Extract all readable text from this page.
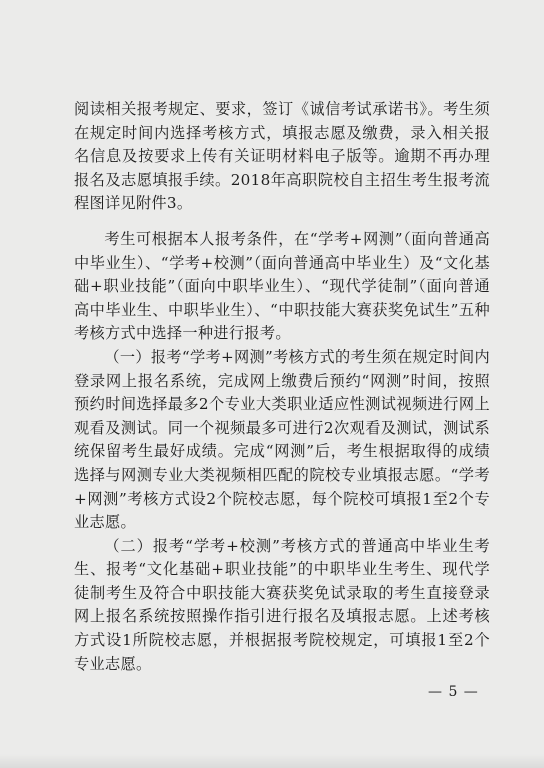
阅读相关报考规定、要求，签订《诚信考试承诺书》。考生须在规定时间内选择考核方式，填报志愿及缴费，录入相关报名信息及按要求上传有关证明材料电子版等。逾期不再办理报名及志愿填报手续。2018年高职院校自主招生考生报考流程图详见附件3。

考生可根据本人报考条件，在“学考+网测”（面向普通高中毕业生）、“学考+校测”（面向普通高中毕业生）及“文化基础+职业技能”（面向中职毕业生）、“现代学徒制”（面向普通高中毕业生、中职毕业生）、“中职技能大赛获奖免试生”五种考核方式中选择一种进行报考。

（一）报考“学考+网测”考核方式的考生须在规定时间内登录网上报名系统，完成网上缴费后预约“网测”时间，按照预约时间选择最多2个专业大类职业适应性测试视频进行网上观看及测试。同一个视频最多可进行2次观看及测试，测试系统保留考生最好成绩。完成“网测”后，考生根据取得的成绩选择与网测专业大类视频相匹配的院校专业填报志愿。“学考+网测”考核方式设2个院校志愿，每个院校可填报1至2个专业志愿。

（二）报考“学考+校测”考核方式的普通高中毕业生考生、报考“文化基础+职业技能”的中职毕业生考生、现代学徒制考生及符合中职技能大赛获奖免试录取的考生直接登录网上报名系统按照操作指引进行报名及填报志愿。上述考核方式设1所院校志愿，并根据报考院校规定，可填报1至2个专业志愿。

— 5 —
